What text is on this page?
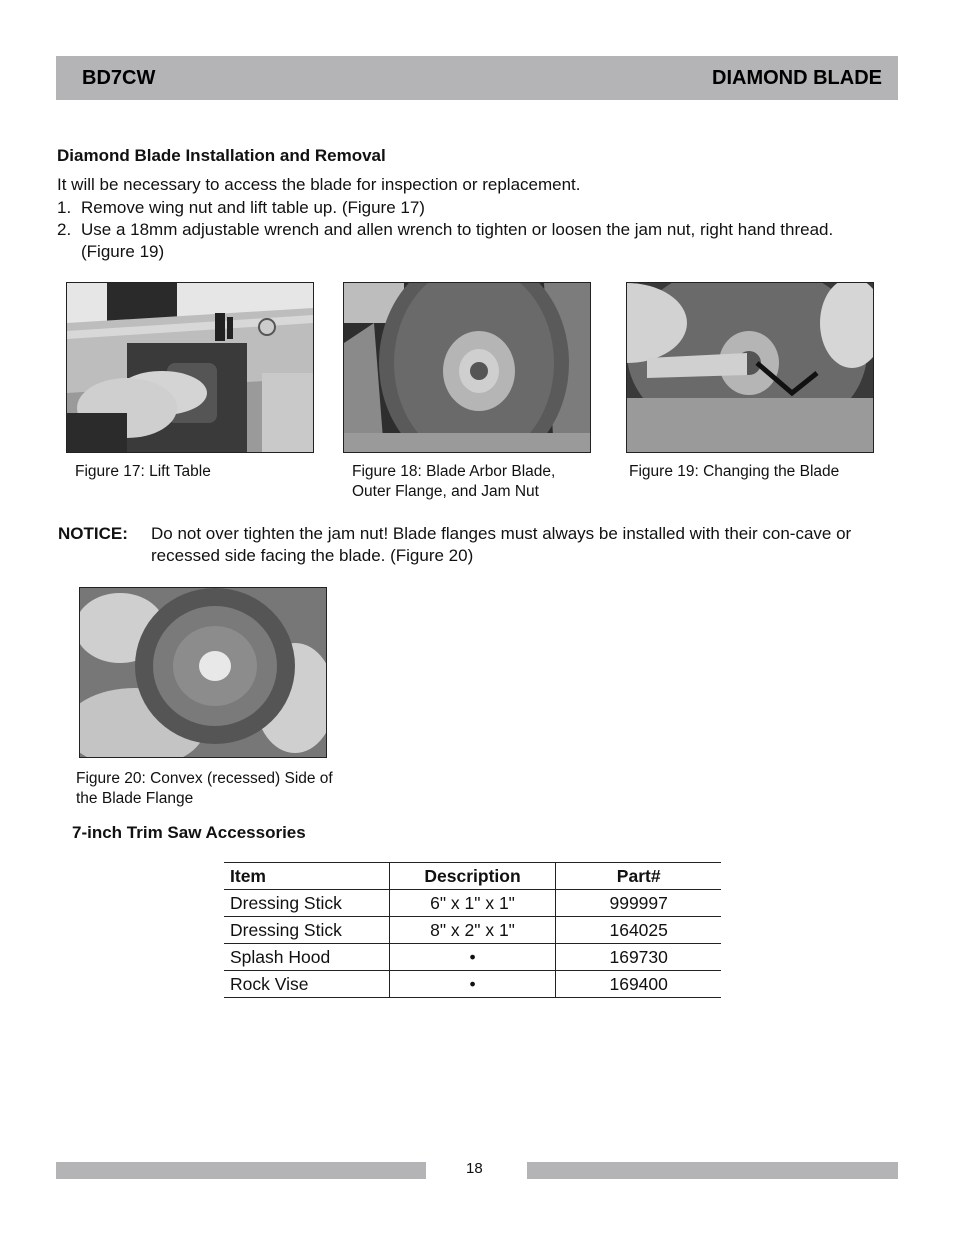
BD7CW	DIAMOND BLADE
Diamond Blade Installation and Removal
It will be necessary to access the blade for inspection or replacement.
1. Remove wing nut and lift table up. (Figure 17)
2. Use a 18mm adjustable wrench and allen wrench to tighten or loosen the jam nut, right hand thread. (Figure 19)
Figure 17: Lift Table	Figure 18: Blade Arbor Blade, Outer Flange, and Jam Nut
Figure 19: Changing the Blade
NOTICE: Do not over tighten the jam nut! Blade flanges must always be installed with their con-cave or recessed side facing the blade. (Figure 20)
Figure 20: Convex (recessed) Side of the Blade Flange
7-inch Trim Saw Accessories
Item	Description	Part#
Dressing Stick	6" x 1" x 1"	999997
Dressing Stick	8" x 2" x 1"	164025
Splash Hood	•	169730
Rock Vise	•	169400
18
